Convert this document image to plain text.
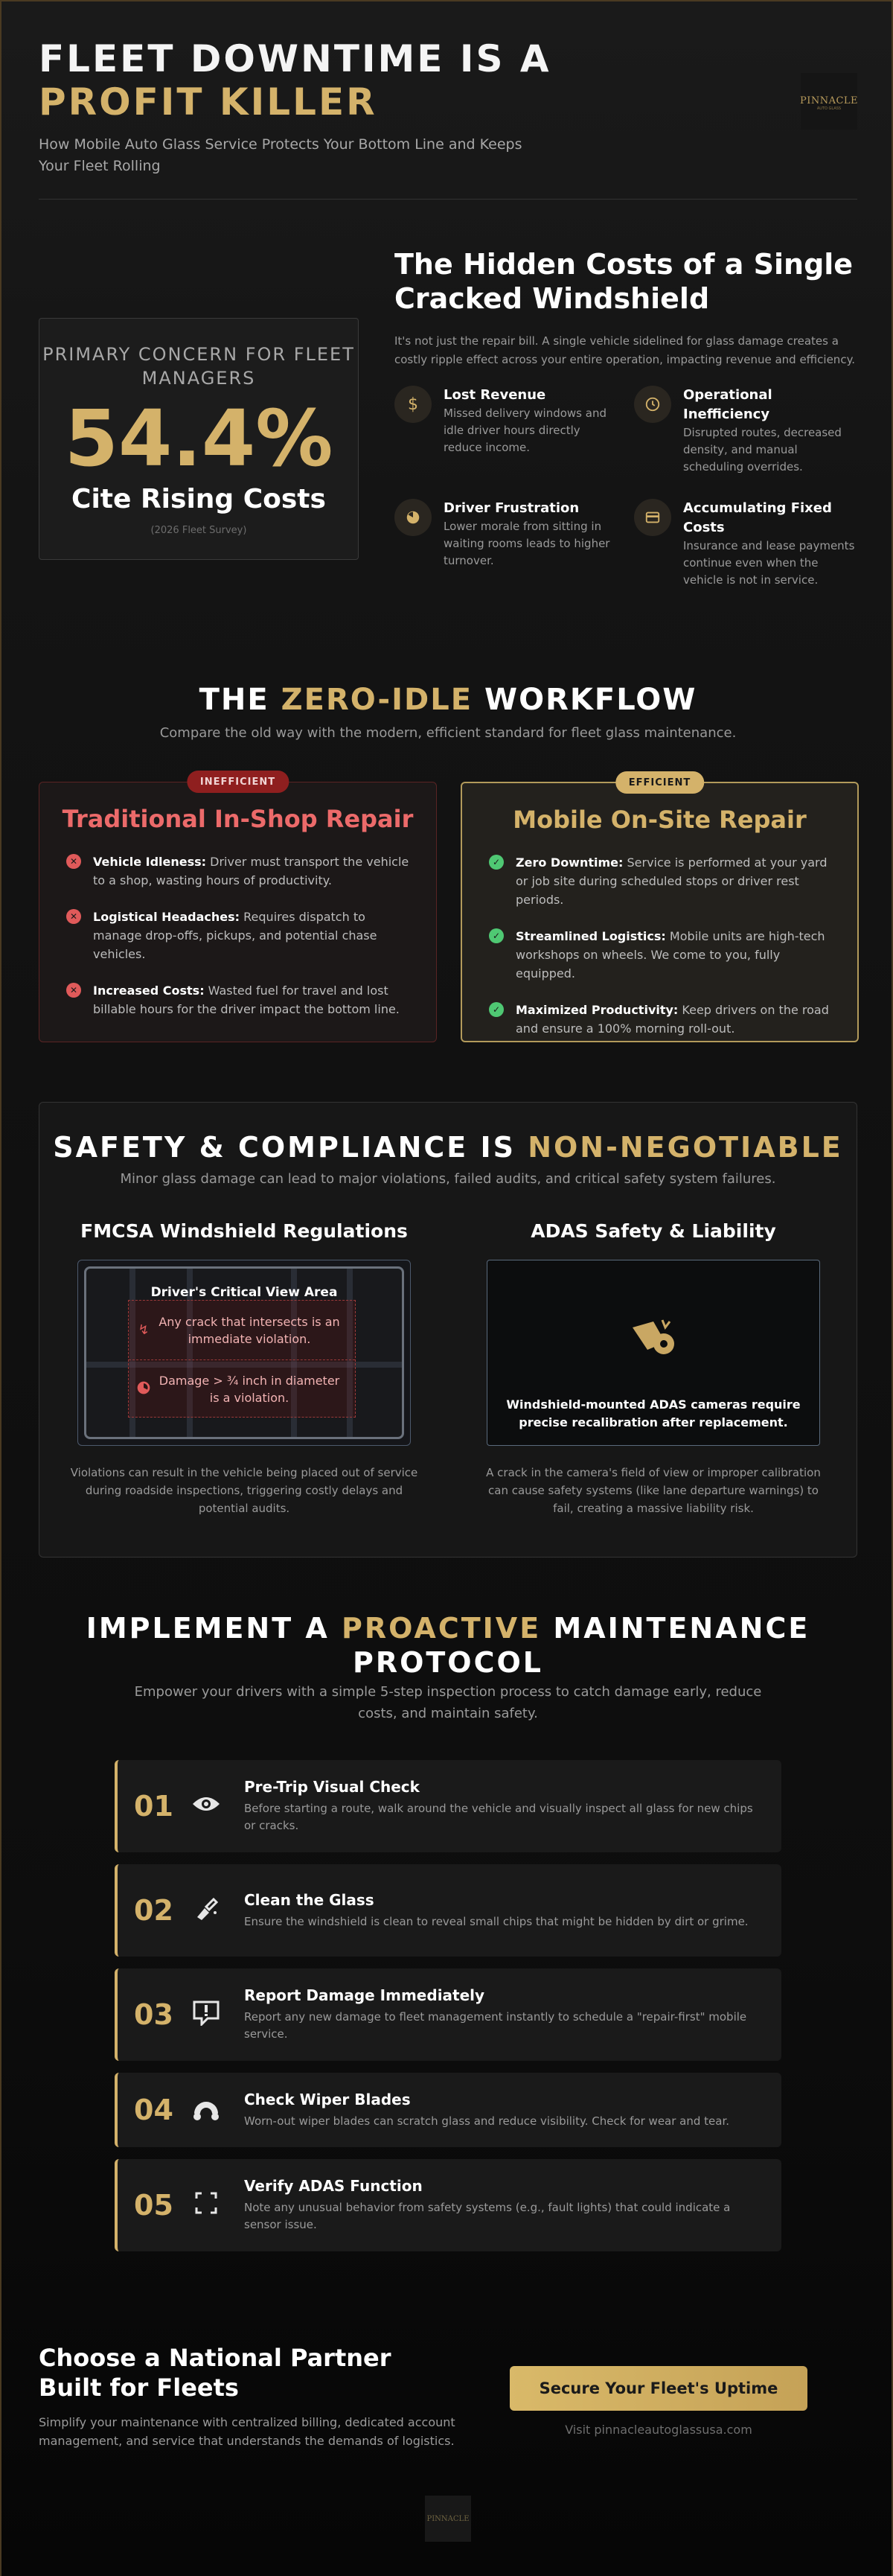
FLEET DOWNTIME IS A PROFIT KILLER

How Mobile Auto Glass Service Protects Your Bottom Line and Keeps Your Fleet Rolling

PINNACLE
AUTO GLASS
PRIMARY CONCERN FOR FLEET MANAGERS
54.4%
Cite Rising Costs
(2026 Fleet Survey)
The Hidden Costs of a Single Cracked Windshield

It's not just the repair bill. A single vehicle sidelined for glass damage creates a costly ripple effect across your entire operation, impacting revenue and efficiency.

$	Lost Revenue
Missed delivery windows and idle driver hours directly reduce income.
Operational Inefficiency
Disrupted routes, decreased density, and manual scheduling overrides.
Driver Frustration
Lower morale from sitting in waiting rooms leads to higher turnover.
Accumulating Fixed Costs
Insurance and lease payments continue even when the vehicle is not in service.
THE ZERO-IDLE WORKFLOW
Compare the old way with the modern, efficient standard for fleet glass maintenance.
INEFFICIENT
Traditional In-Shop Repair
✕	Vehicle Idleness: Driver must transport the vehicle to a shop, wasting hours of productivity.
✕	Logistical Headaches: Requires dispatch to manage drop-offs, pickups, and potential chase vehicles.
✕	Increased Costs: Wasted fuel for travel and lost billable hours for the driver impact the bottom line.
EFFICIENT
Mobile On-Site Repair
✓	Zero Downtime: Service is performed at your yard or job site during scheduled stops or driver rest periods.
✓	Streamlined Logistics: Mobile units are high-tech workshops on wheels. We come to you, fully equipped.
✓	Maximized Productivity: Keep drivers on the road and ensure a 100% morning roll-out.
SAFETY & COMPLIANCE IS NON-NEGOTIABLE
Minor glass damage can lead to major violations, failed audits, and critical safety system failures.
FMCSA Windshield Regulations
Driver's Critical View Area
↯
Any crack that intersects is an immediate violation.
Damage > ¾ inch in diameter is a violation.

Violations can result in the vehicle being placed out of service during roadside inspections, triggering costly delays and potential audits.

ADAS Safety & Liability
Windshield-mounted ADAS cameras require precise recalibration after replacement.

A crack in the camera's field of view or improper calibration can cause safety systems (like lane departure warnings) to fail, creating a massive liability risk.

IMPLEMENT A PROACTIVE MAINTENANCE PROTOCOL
Empower your drivers with a simple 5-step inspection process to catch damage early, reduce costs, and maintain safety.
01
Pre-Trip Visual Check
Before starting a route, walk around the vehicle and visually inspect all glass for new chips or cracks.
02	Clean the Glass
Ensure the windshield is clean to reveal small chips that might be hidden by dirt or grime.
03
Report Damage Immediately
Report any new damage to fleet management instantly to schedule a "repair-first" mobile service.
04	Check Wiper Blades
Worn-out wiper blades can scratch glass and reduce visibility. Check for wear and tear.
05
Verify ADAS Function
Note any unusual behavior from safety systems (e.g., fault lights) that could indicate a sensor issue.
Choose a National Partner Built for Fleets

Simplify your maintenance with centralized billing, dedicated account management, and service that understands the demands of logistics.

Secure Your Fleet's Uptime
Visit pinnacleautoglassusa.com
PINNACLE
